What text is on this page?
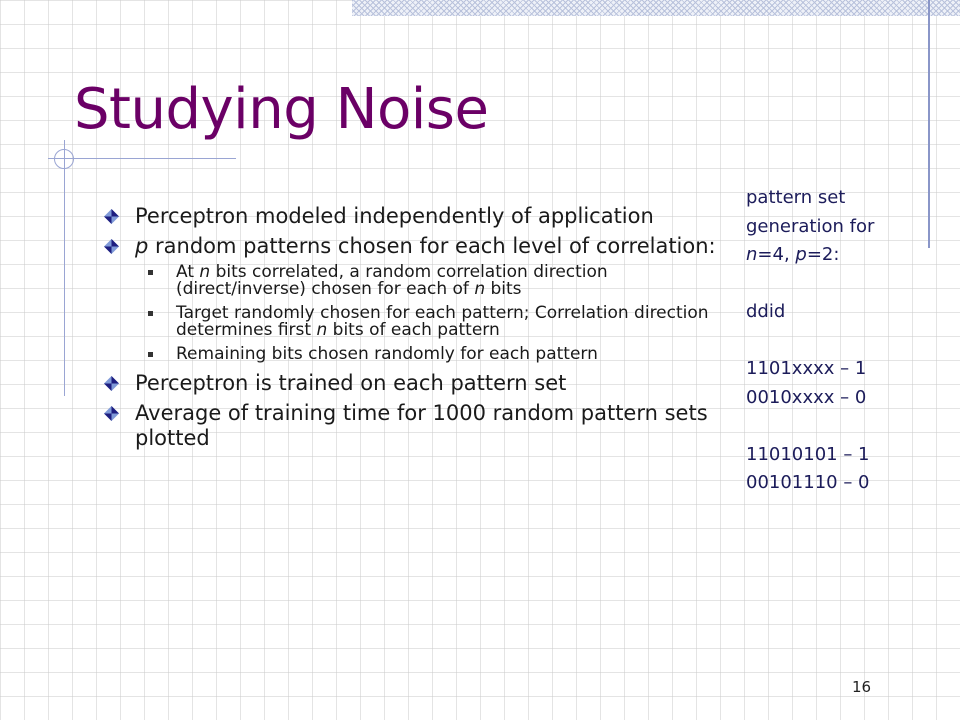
Studying Noise
Perceptron modeled independently of application
p random patterns chosen for each level of correlation:
At n bits correlated, a random correlation direction (direct/inverse) chosen for each of n bits
Target randomly chosen for each pattern; Correlation direction determines first n bits of each pattern
Remaining bits chosen randomly for each pattern
Perceptron is trained on each pattern set
Average of training time for 1000 random pattern sets plotted
pattern set
generation for
n=4, p=2:
ddid
1101xxxx – 1
0010xxxx – 0
11010101 – 1
00101110 – 0
16
